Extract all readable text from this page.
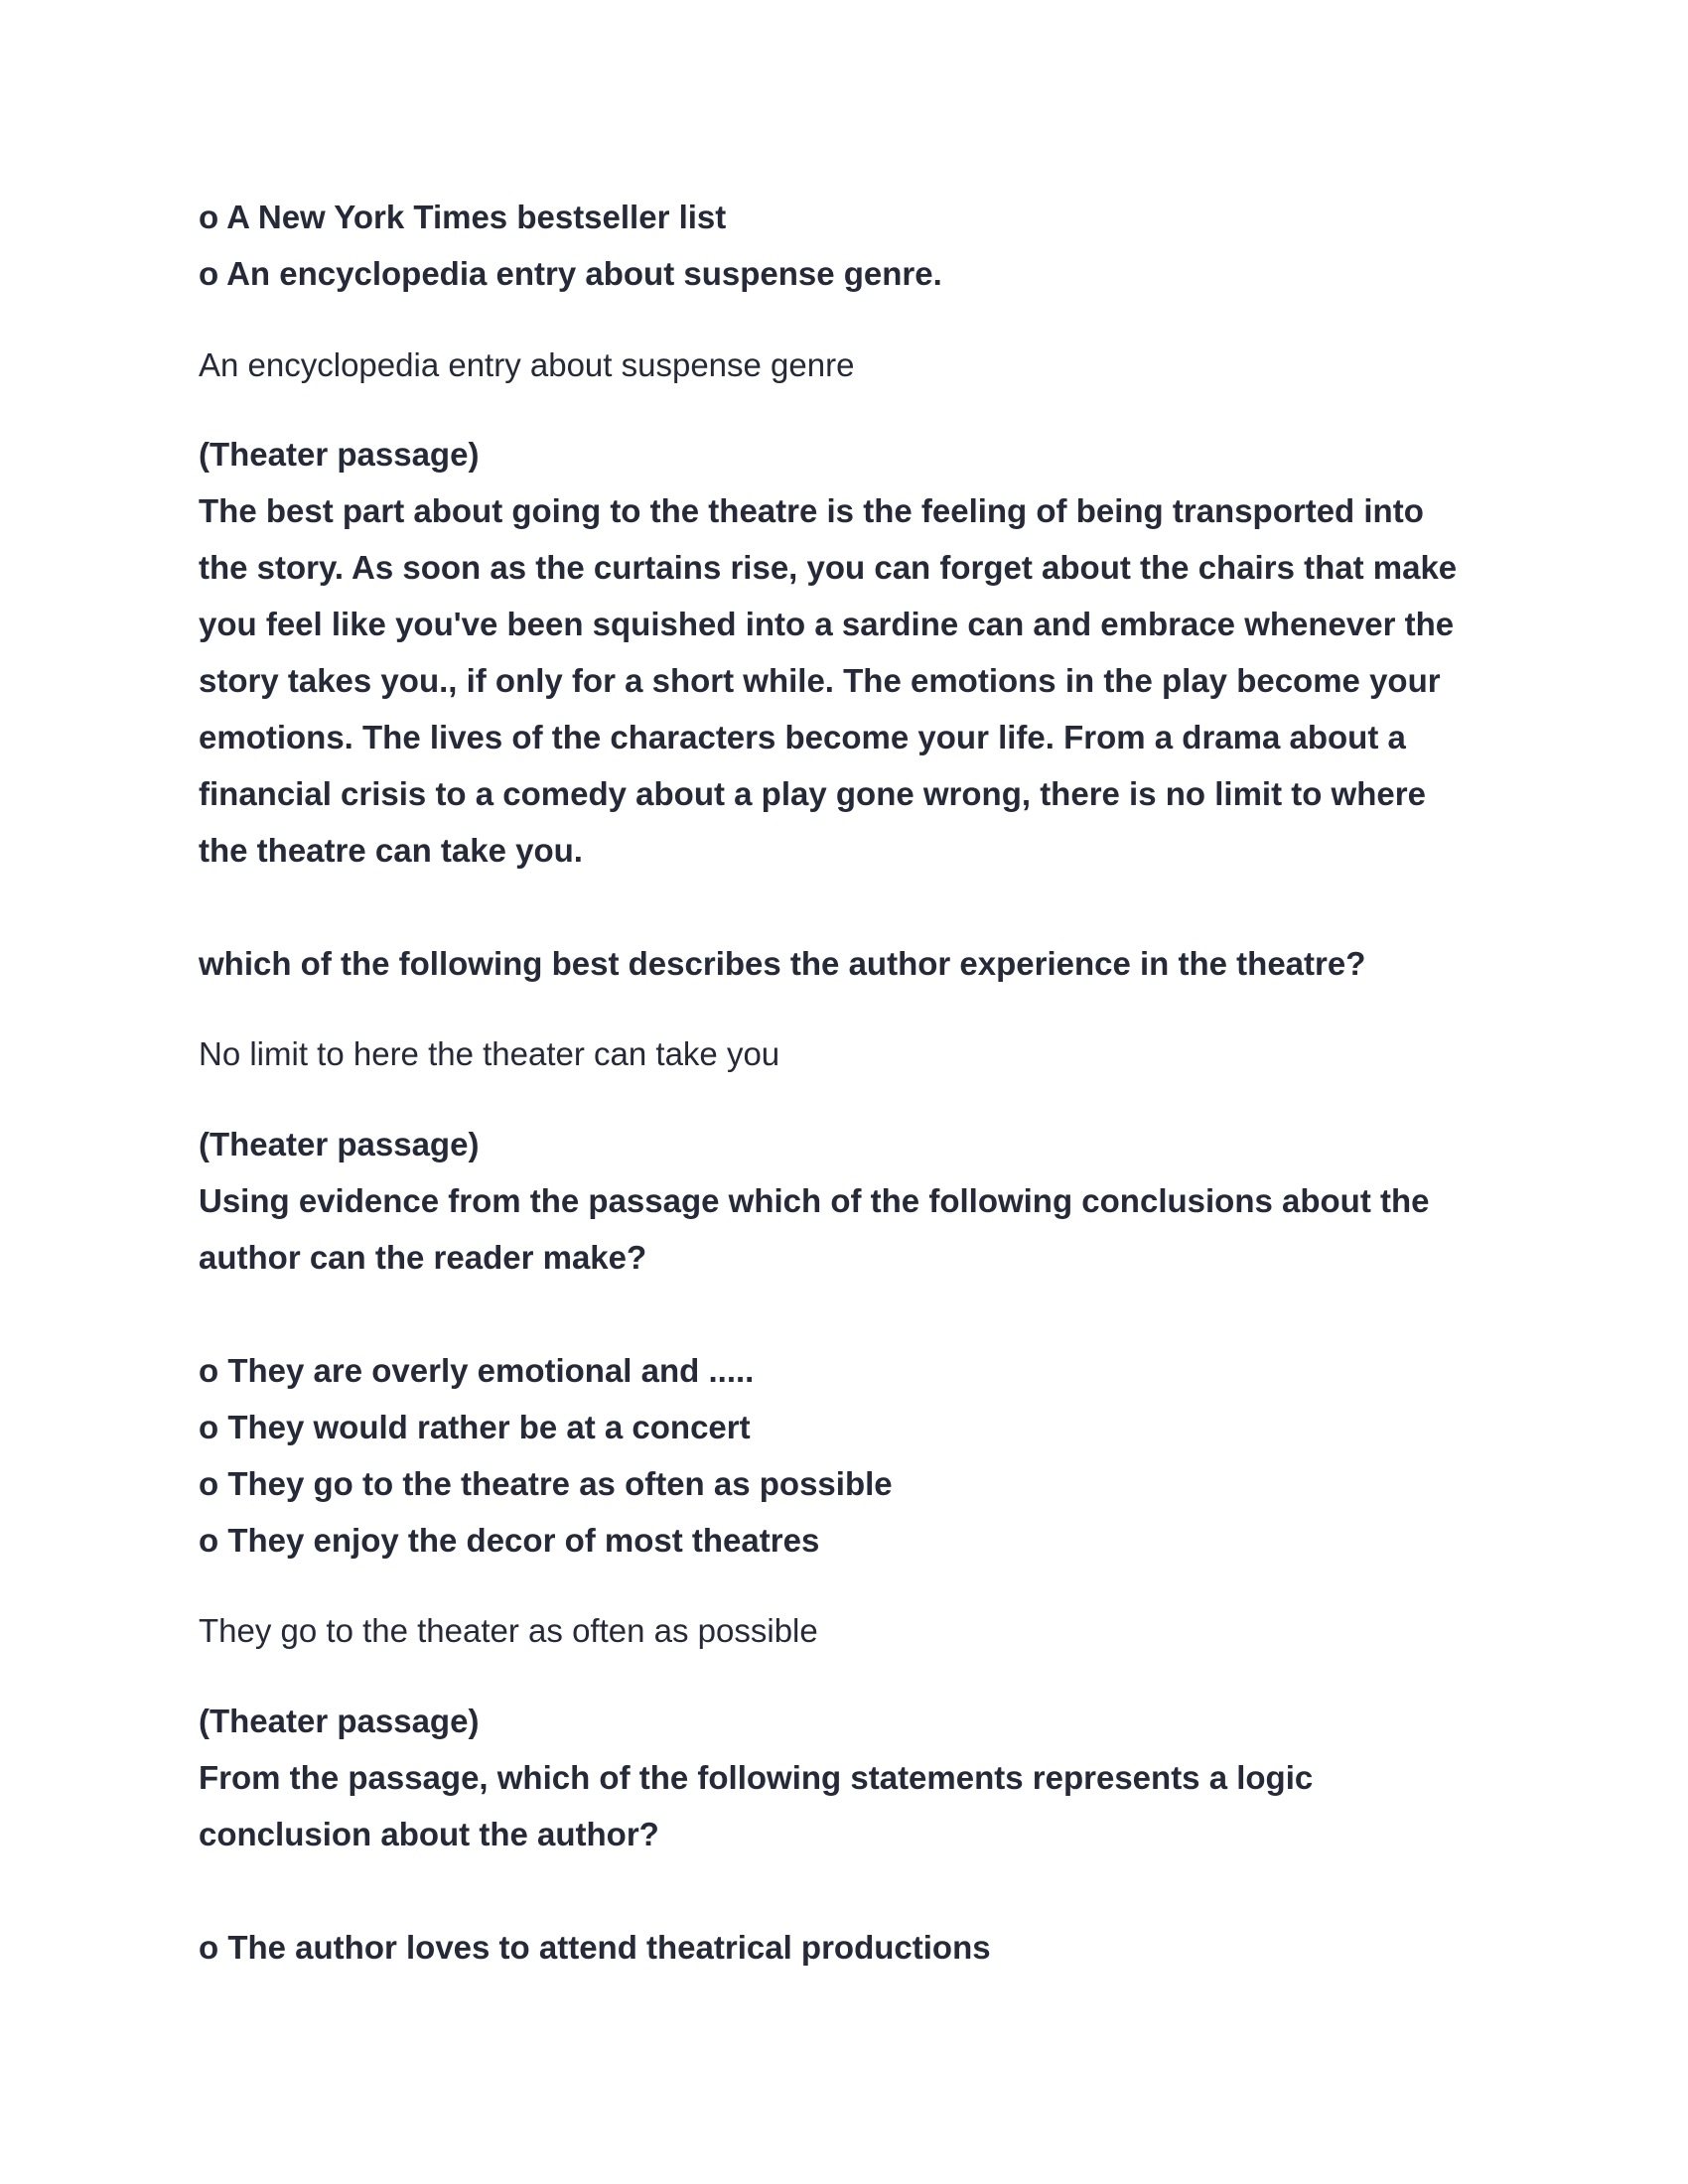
o A New York Times bestseller list
o An encyclopedia entry about suspense genre.
An encyclopedia entry about suspense genre
(Theater passage)
The best part about going to the theatre is the feeling of being transported into
the story. As soon as the curtains rise, you can forget about the chairs that make
you feel like you've been squished into a sardine can and embrace whenever the
story takes you., if only for a short while. The emotions in the play become your
emotions. The lives of the characters become your life. From a drama about a
financial crisis to a comedy about a play gone wrong, there is no limit to where
the theatre can take you.
which of the following best describes the author experience in the theatre?
No limit to here the theater can take you
(Theater passage)
Using evidence from the passage which of the following conclusions about the
author can the reader make?
o They are overly emotional and .....
o They would rather be at a concert
o They go to the theatre as often as possible
o They enjoy the decor of most theatres
They go to the theater as often as possible
(Theater passage)
From the passage, which of the following statements represents a logic
conclusion about the author?
o The author loves to attend theatrical productions
